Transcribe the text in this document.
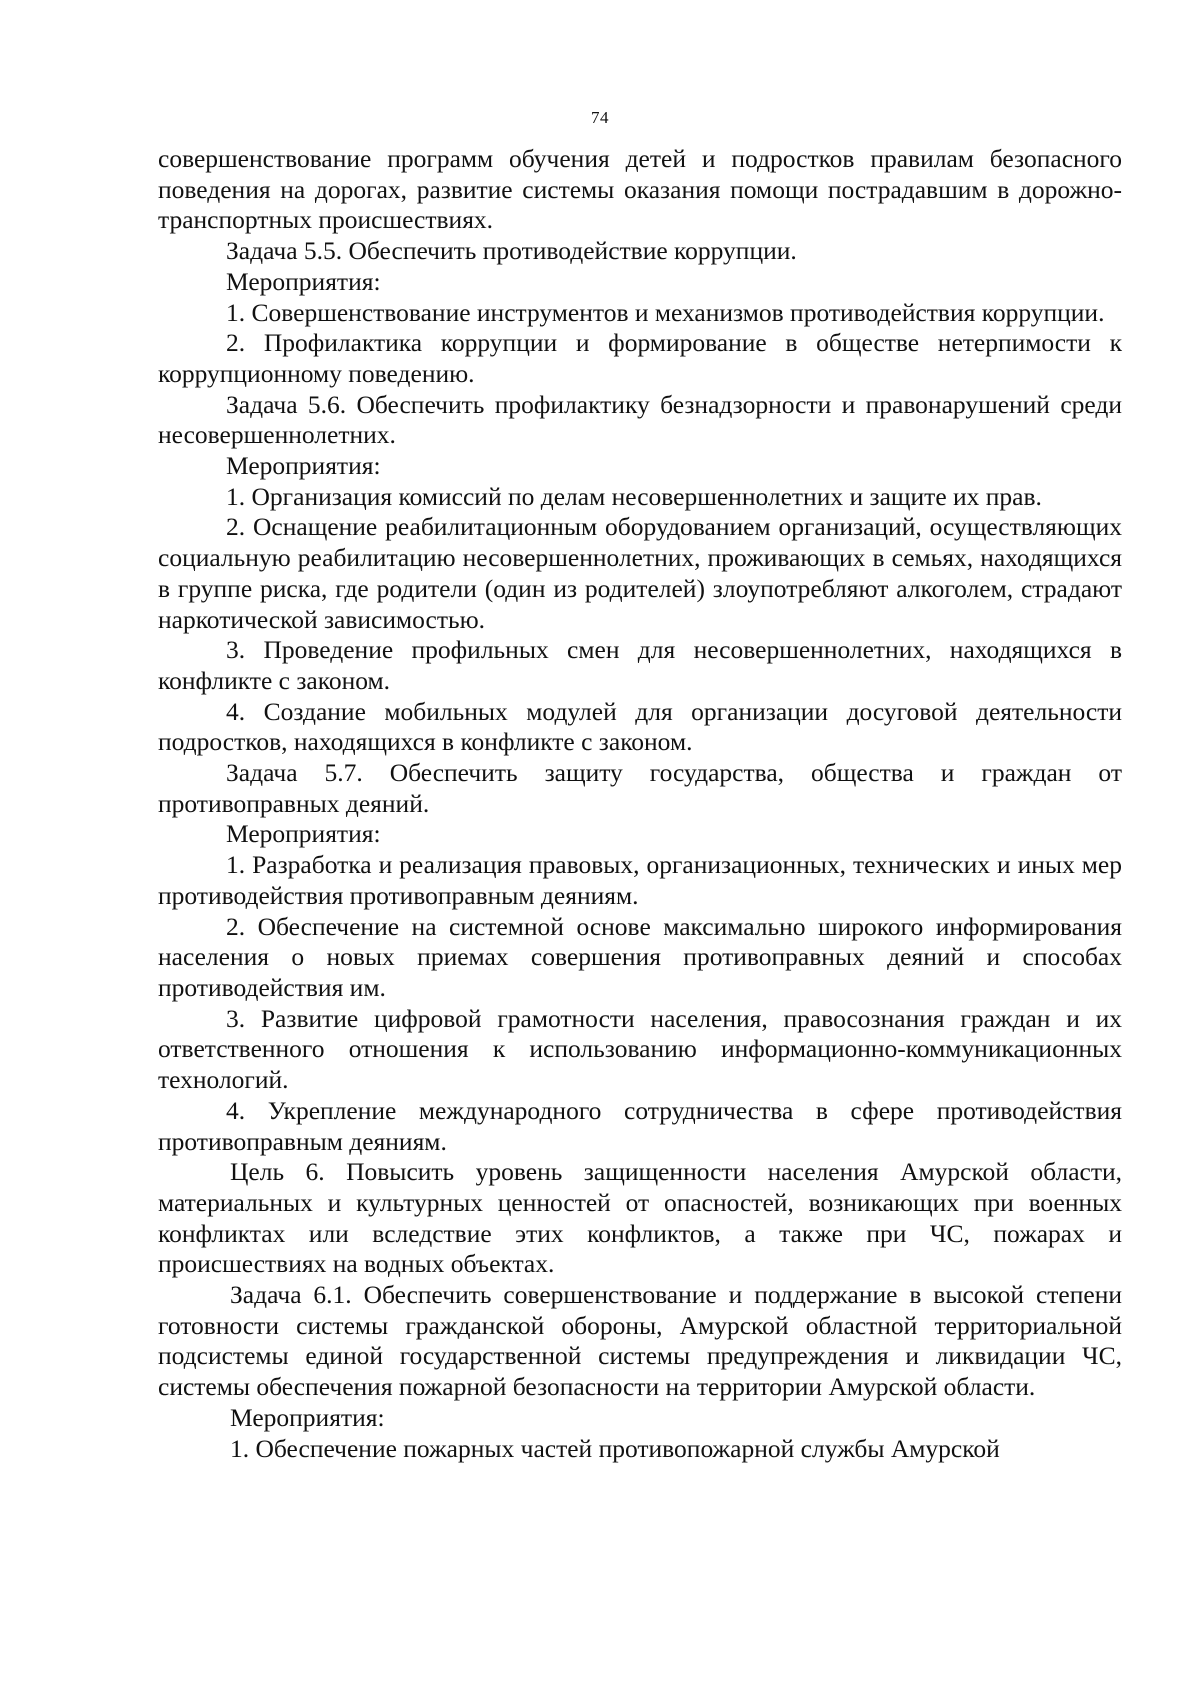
74

совершенствование программ обучения детей и подростков правилам безопасного поведения на дорогах, развитие системы оказания помощи пострадавшим в дорожно-транспортных происшествиях.

Задача 5.5. Обеспечить противодействие коррупции.

Мероприятия:

1. Совершенствование инструментов и механизмов противодействия коррупции.

2. Профилактика коррупции и формирование в обществе нетерпимости к коррупционному поведению.

Задача 5.6. Обеспечить профилактику безнадзорности и правонарушений среди несовершеннолетних.

Мероприятия:

1. Организация комиссий по делам несовершеннолетних и защите их прав.

2. Оснащение реабилитационным оборудованием организаций, осуществляющих социальную реабилитацию несовершеннолетних, проживающих в семьях, находящихся в группе риска, где родители (один из родителей) злоупотребляют алкоголем, страдают наркотической зависимостью.

3. Проведение профильных смен для несовершеннолетних, находящихся в конфликте с законом.

4. Создание мобильных модулей для организации досуговой деятельности подростков, находящихся в конфликте с законом.

Задача 5.7. Обеспечить защиту государства, общества и граждан от противоправных деяний.

Мероприятия:

1. Разработка и реализация правовых, организационных, технических и иных мер противодействия противоправным деяниям.

2. Обеспечение на системной основе максимально широкого информирования населения о новых приемах совершения противоправных деяний и способах противодействия им.

3. Развитие цифровой грамотности населения, правосознания граждан и их ответственного отношения к использованию информационно-коммуникационных технологий.

4. Укрепление международного сотрудничества в сфере противодействия противоправным деяниям.

Цель 6. Повысить уровень защищенности населения Амурской области, материальных и культурных ценностей от опасностей, возникающих при военных конфликтах или вследствие этих конфликтов, а также при ЧС, пожарах и происшествиях на водных объектах.

Задача 6.1. Обеспечить совершенствование и поддержание в высокой степени готовности системы гражданской обороны, Амурской областной территориальной подсистемы единой государственной системы предупреждения и ликвидации ЧС, системы обеспечения пожарной безопасности на территории Амурской области.

Мероприятия:

1. Обеспечение пожарных частей противопожарной службы Амурской
